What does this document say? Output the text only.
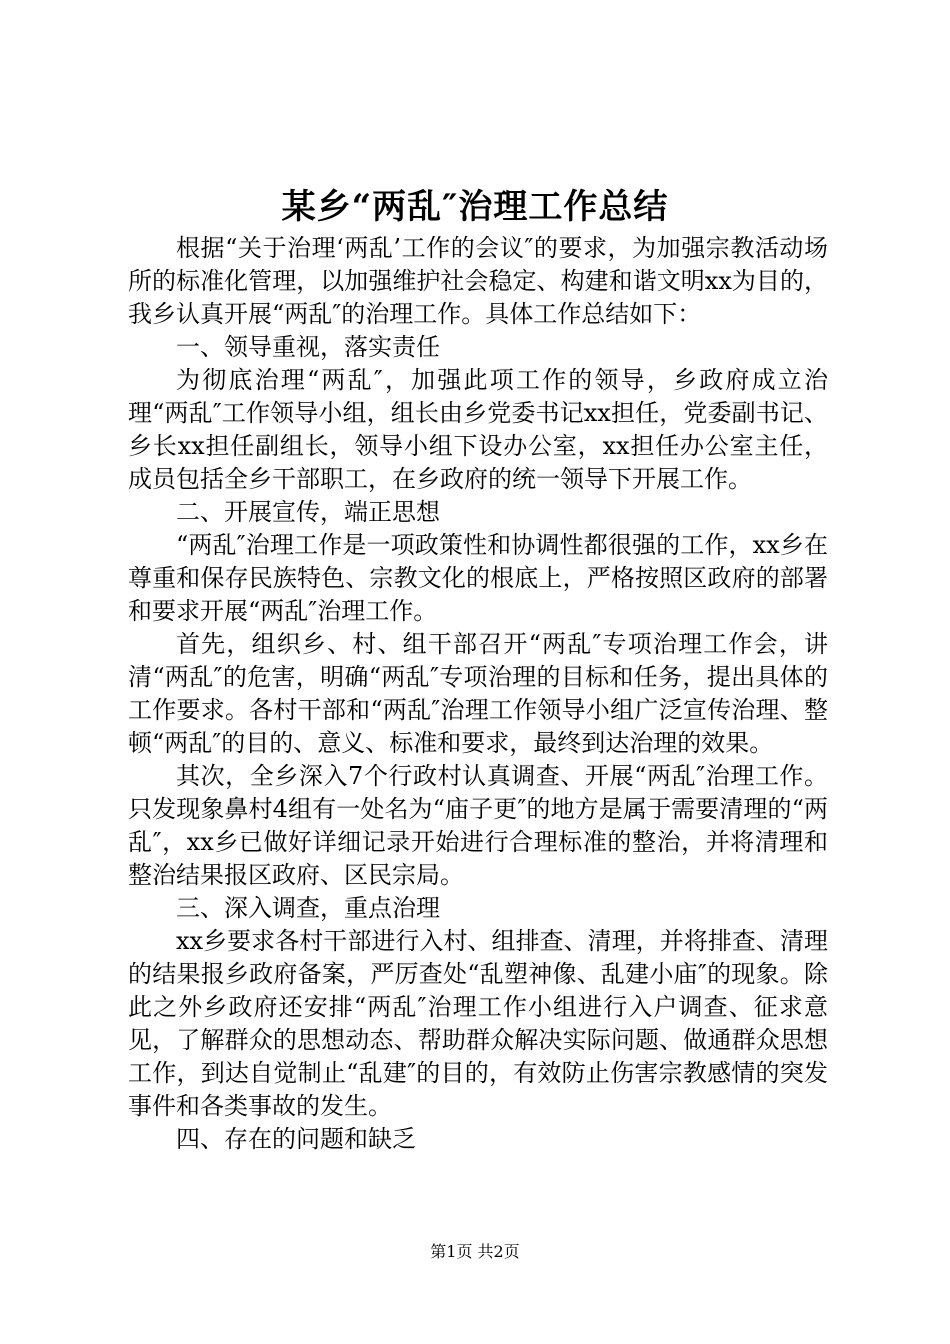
某乡“两乱″治理工作总结

根据“关于治理‘两乱’工作的会议″的要求，为加强宗教活动场所的标准化管理，以加强维护社会稳定、构建和谐文明xx为目的，我乡认真开展“两乱″的治理工作。具体工作总结如下：

一、领导重视，落实责任

为彻底治理“两乱″，加强此项工作的领导，乡政府成立治理“两乱″工作领导小组，组长由乡党委书记xx担任，党委副书记、乡长xx担任副组长，领导小组下设办公室，xx担任办公室主任，成员包括全乡干部职工，在乡政府的统一领导下开展工作。

二、开展宣传，端正思想

“两乱″治理工作是一项政策性和协调性都很强的工作，xx乡在尊重和保存民族特色、宗教文化的根底上，严格按照区政府的部署和要求开展“两乱″治理工作。

首先，组织乡、村、组干部召开“两乱″专项治理工作会，讲清“两乱″的危害，明确“两乱″专项治理的目标和任务，提出具体的工作要求。各村干部和“两乱″治理工作领导小组广泛宣传治理、整顿“两乱″的目的、意义、标准和要求，最终到达治理的效果。

其次，全乡深入7个行政村认真调查、开展“两乱″治理工作。只发现象鼻村4组有一处名为“庙子更″的地方是属于需要清理的“两乱″，xx乡已做好详细记录开始进行合理标准的整治，并将清理和整治结果报区政府、区民宗局。

三、深入调查，重点治理

xx乡要求各村干部进行入村、组排查、清理，并将排查、清理的结果报乡政府备案，严厉查处“乱塑神像、乱建小庙″的现象。除此之外乡政府还安排“两乱″治理工作小组进行入户调查、征求意见，了解群众的思想动态、帮助群众解决实际问题、做通群众思想工作，到达自觉制止“乱建″的目的，有效防止伤害宗教感情的突发事件和各类事故的发生。

四、存在的问题和缺乏

第1页 共2页
